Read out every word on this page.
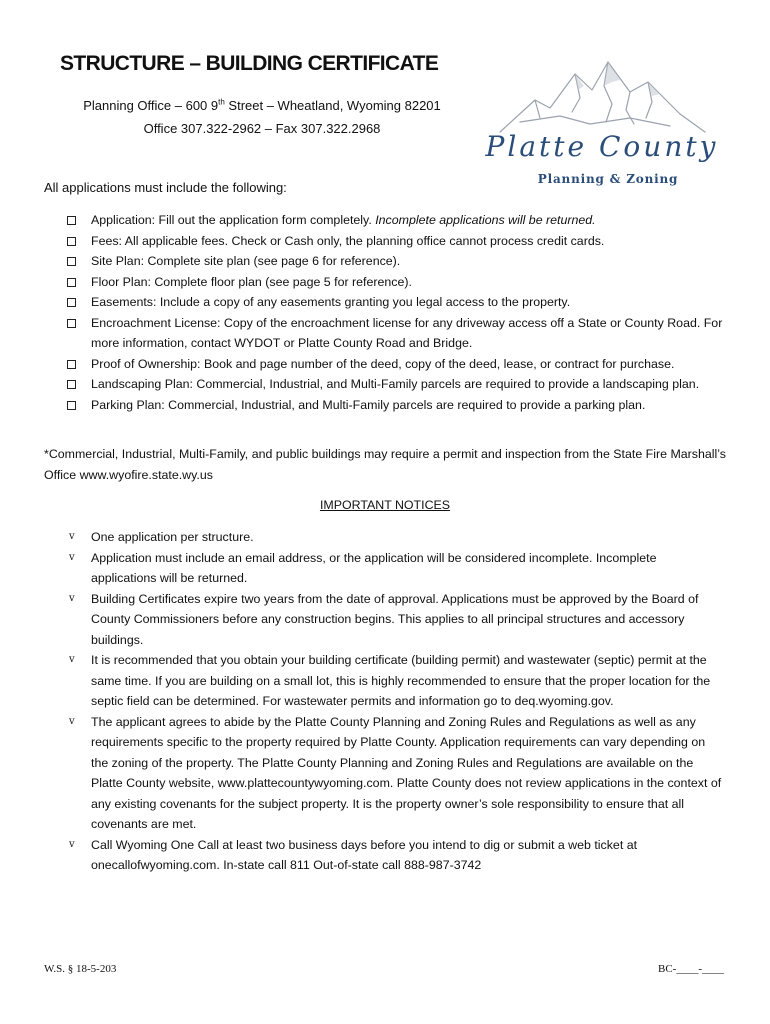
STRUCTURE – BUILDING CERTIFICATE
Planning Office – 600 9th Street – Wheatland, Wyoming 82201
Office 307.322-2962 – Fax 307.322.2968
Platte County
Planning & Zoning
All applications must include the following:
Application: Fill out the application form completely. Incomplete applications will be returned.
Fees: All applicable fees. Check or Cash only, the planning office cannot process credit cards.
Site Plan: Complete site plan (see page 6 for reference).
Floor Plan: Complete floor plan (see page 5 for reference).
Easements: Include a copy of any easements granting you legal access to the property.
Encroachment License: Copy of the encroachment license for any driveway access off a State or County Road. For more information, contact WYDOT or Platte County Road and Bridge.
Proof of Ownership: Book and page number of the deed, copy of the deed, lease, or contract for purchase.
Landscaping Plan: Commercial, Industrial, and Multi-Family parcels are required to provide a landscaping plan.
Parking Plan: Commercial, Industrial, and Multi-Family parcels are required to provide a parking plan.
*Commercial, Industrial, Multi-Family, and public buildings may require a permit and inspection from the State Fire Marshall’s Office www.wyofire.state.wy.us
IMPORTANT NOTICES
v One application per structure.
v Application must include an email address, or the application will be considered incomplete. Incomplete applications will be returned.
v Building Certificates expire two years from the date of approval. Applications must be approved by the Board of County Commissioners before any construction begins. This applies to all principal structures and accessory buildings.
v It is recommended that you obtain your building certificate (building permit) and wastewater (septic) permit at the same time. If you are building on a small lot, this is highly recommended to ensure that the proper location for the septic field can be determined. For wastewater permits and information go to deq.wyoming.gov.
v The applicant agrees to abide by the Platte County Planning and Zoning Rules and Regulations as well as any requirements specific to the property required by Platte County. Application requirements can vary depending on the zoning of the property. The Platte County Planning and Zoning Rules and Regulations are available on the Platte County website, www.plattecountywyoming.com. Platte County does not review applications in the context of any existing covenants for the subject property. It is the property owner’s sole responsibility to ensure that all covenants are met.
v Call Wyoming One Call at least two business days before you intend to dig or submit a web ticket at onecallofwyoming.com. In-state call 811 Out-of-state call 888-987-3742
W.S. § 18-5-203	BC-____-____
